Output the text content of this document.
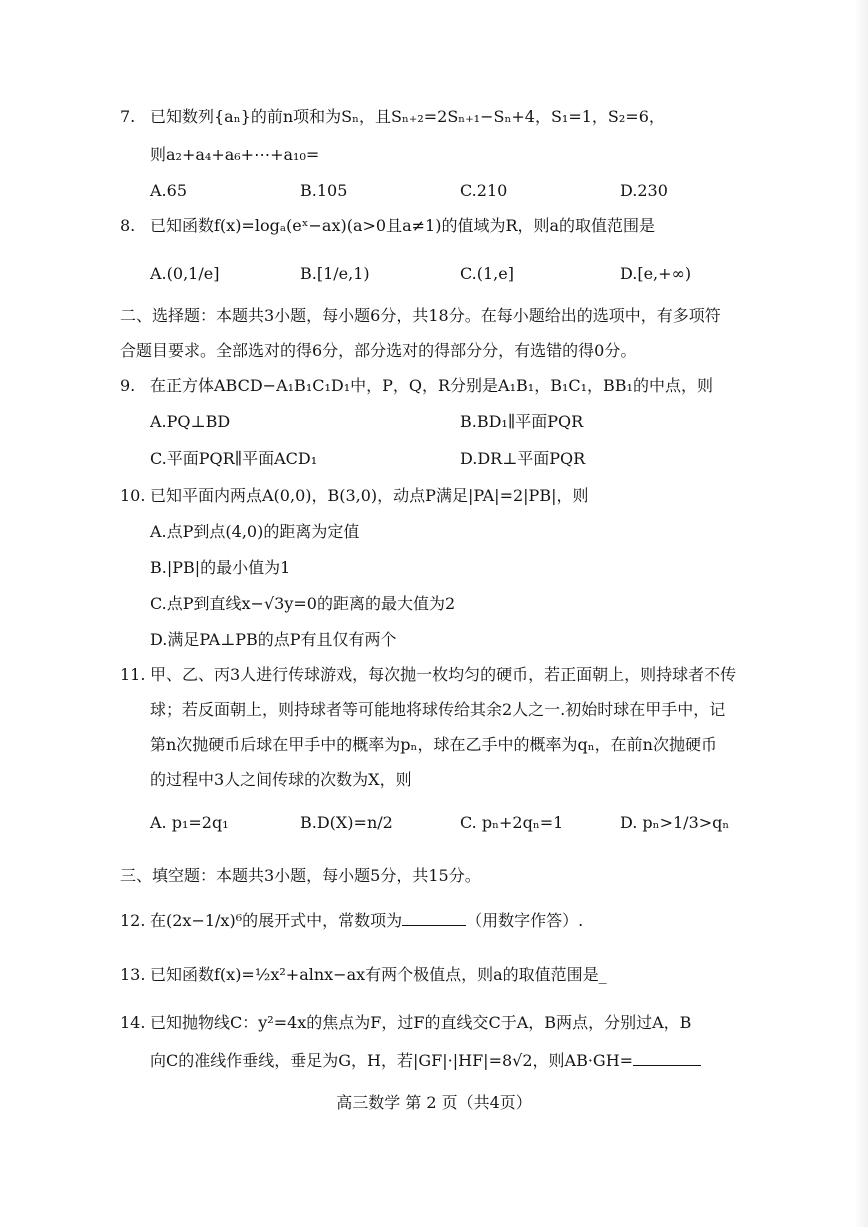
7. 已知数列{aₙ}的前n项和为Sₙ，且Sₙ₊₂=2Sₙ₊₁−Sₙ+4，S₁=1，S₂=6，
则a₂+a₄+a₆+⋯+a₁₀=
A.65	B.105	C.210	D.230
8. 已知函数f(x)=logₐ(eˣ−ax)(a>0且a≠1)的值域为R，则a的取值范围是
A.(0,1/e]	B.[1/e,1)	C.(1,e]	D.[e,+∞)
二、选择题：本题共3小题，每小题6分，共18分。在每小题给出的选项中，有多项符
合题目要求。全部选对的得6分，部分选对的得部分分，有选错的得0分。
9. 在正方体ABCD−A₁B₁C₁D₁中，P，Q，R分别是A₁B₁，B₁C₁，BB₁的中点，则
A.PQ⊥BD	B.BD₁∥平面PQR
C.平面PQR∥平面ACD₁	D.DR⊥平面PQR
10. 已知平面内两点A(0,0)，B(3,0)，动点P满足|PA|=2|PB|，则
A.点P到点(4,0)的距离为定值
B.|PB|的最小值为1
C.点P到直线x−√3y=0的距离的最大值为2
D.满足PA⊥PB的点P有且仅有两个
11. 甲、乙、丙3人进行传球游戏，每次抛一枚均匀的硬币，若正面朝上，则持球者不传
球；若反面朝上，则持球者等可能地将球传给其余2人之一.初始时球在甲手中，记
第n次抛硬币后球在甲手中的概率为pₙ，球在乙手中的概率为qₙ，在前n次抛硬币
的过程中3人之间传球的次数为X，则
A. p₁=2q₁	B.D(X)=n/2	C. pₙ+2qₙ=1	D. pₙ>1/3>qₙ
三、填空题：本题共3小题，每小题5分，共15分。
12. 在(2x−1/x)⁶的展开式中，常数项为	（用数字作答）.
13. 已知函数f(x)=½x²+alnx−ax有两个极值点，则a的取值范围是_
14. 已知抛物线C：y²=4x的焦点为F，过F的直线交C于A，B两点，分别过A，B
向C的准线作垂线，垂足为G，H，若|GF|·|HF|=8√2，则AB·GH=
高三数学 第 2 页（共4页）
